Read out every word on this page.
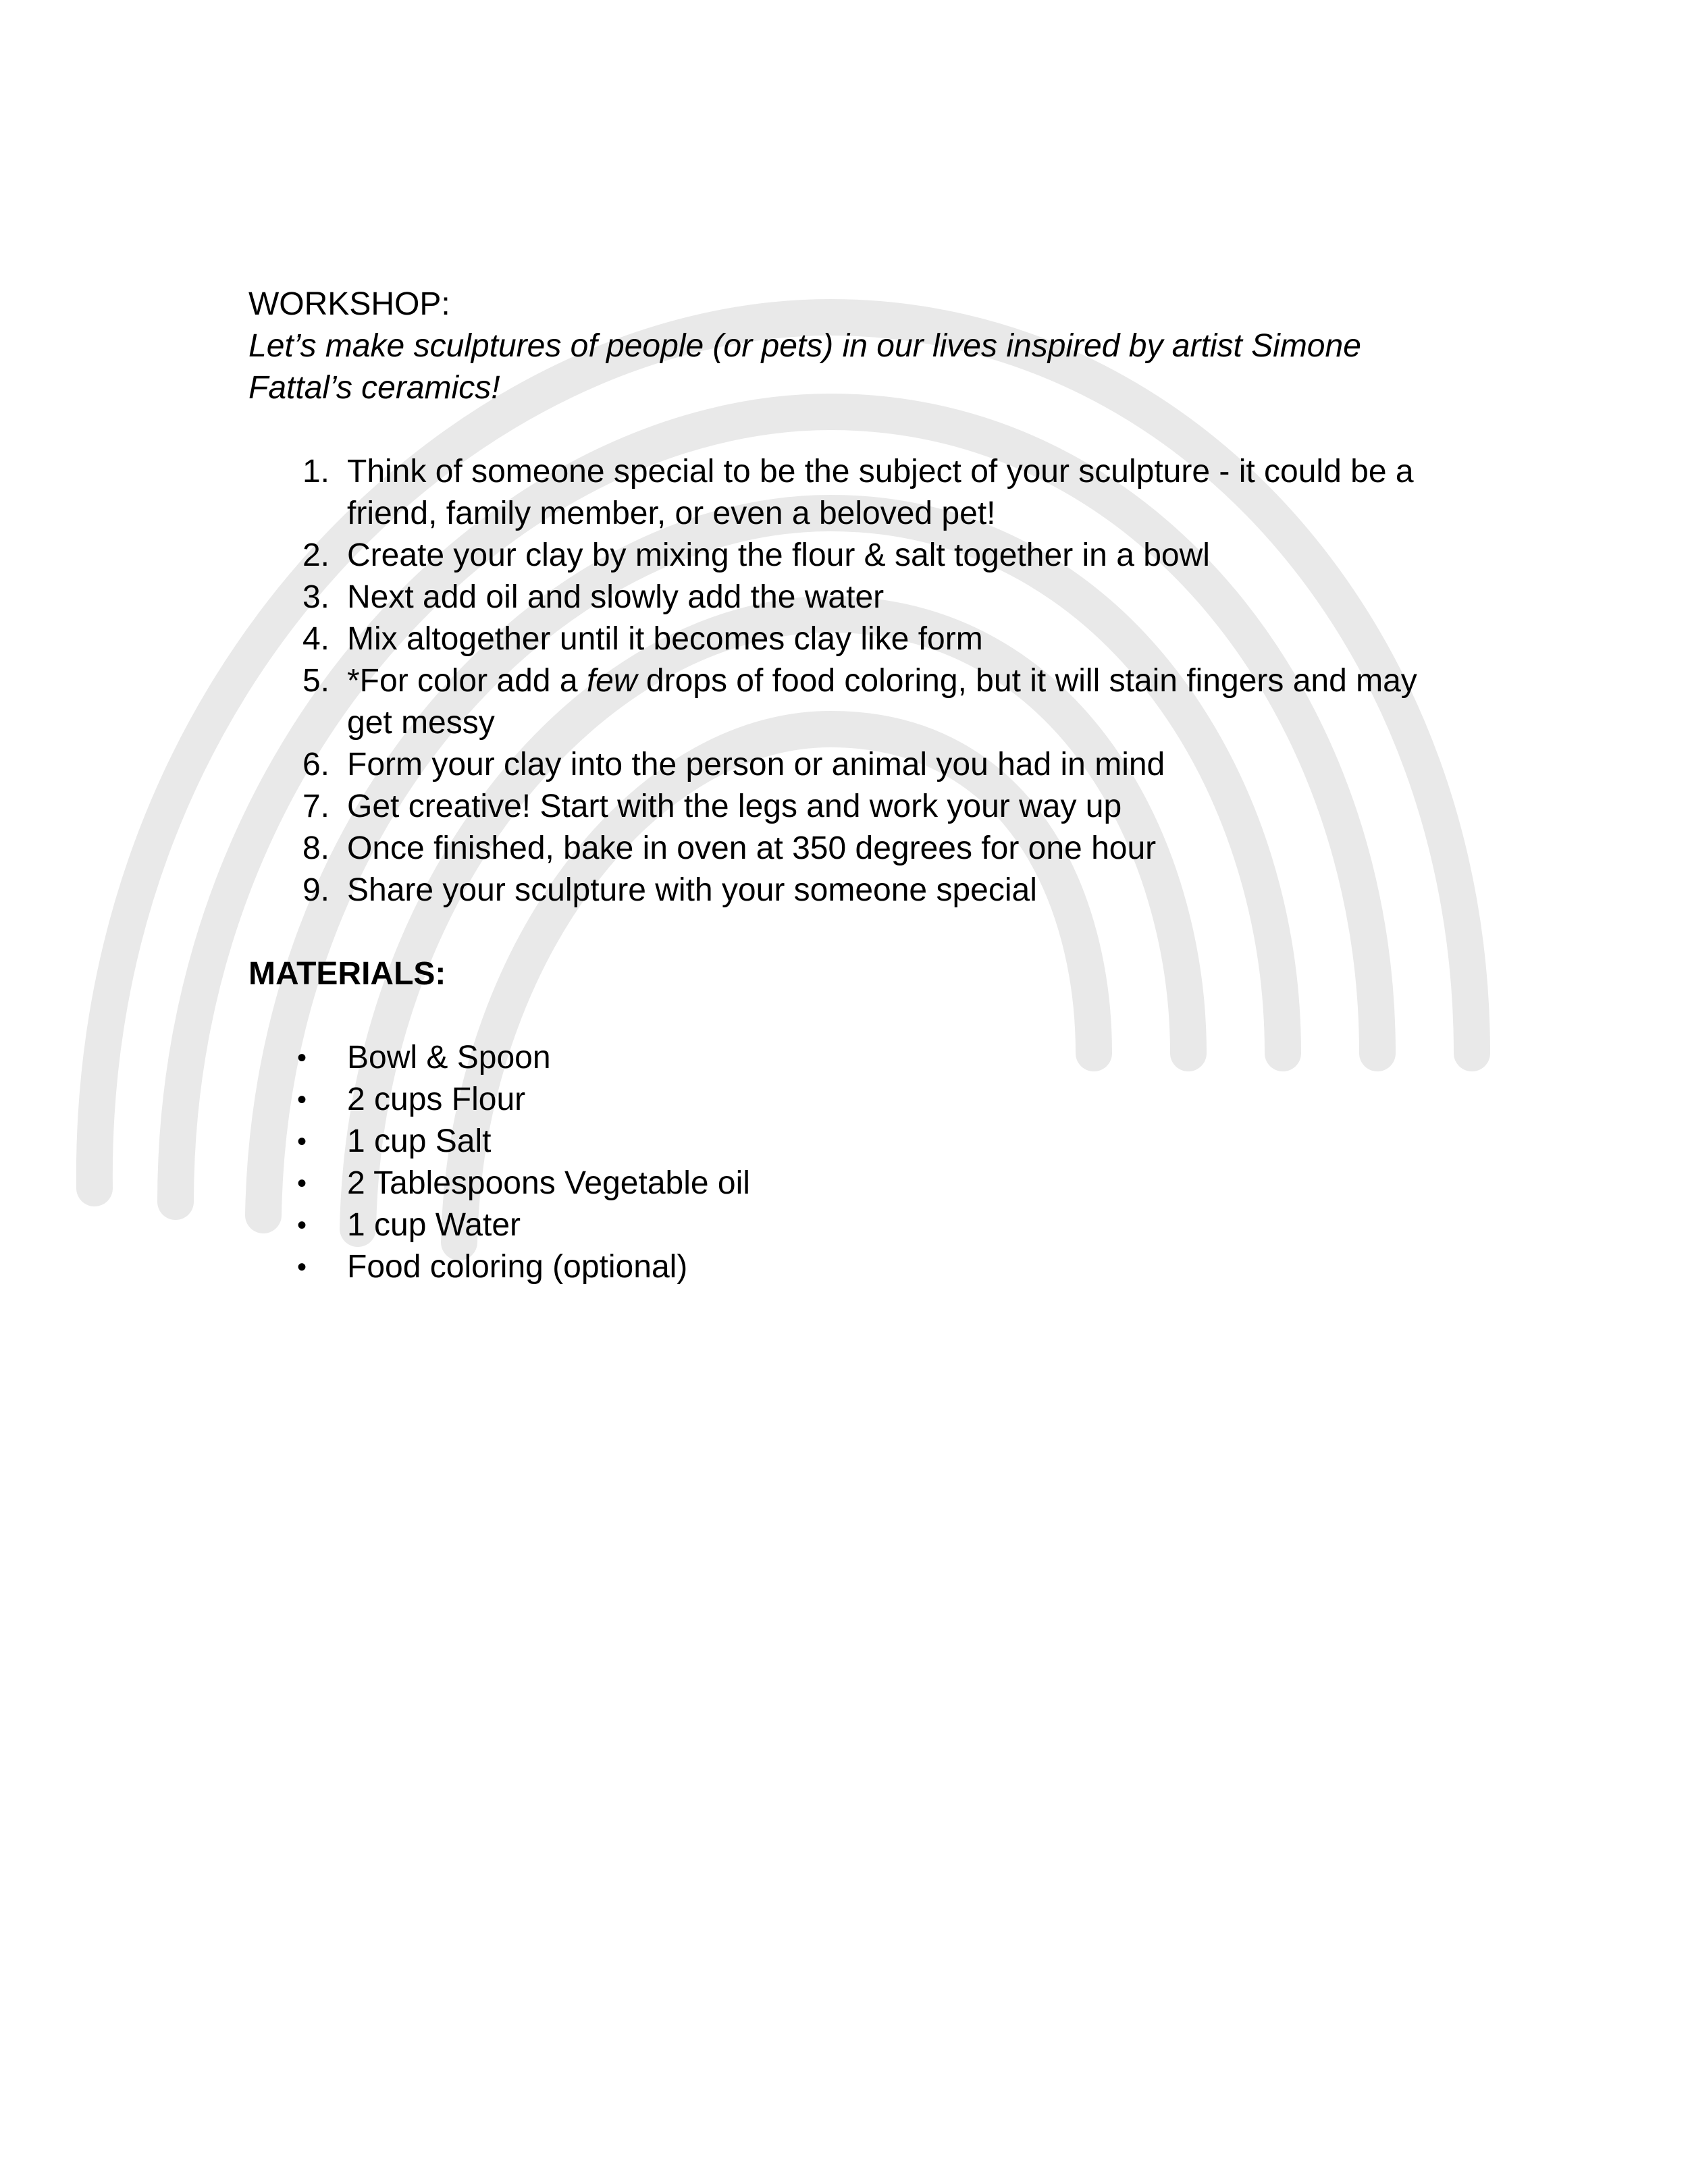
WORKSHOP:
Let’s make sculptures of people (or pets) in our lives inspired by artist Simone Fattal’s ceramics!
1. Think of someone special to be the subject of your sculpture - it could be a friend, family member, or even a beloved pet!
2. Create your clay by mixing the flour & salt together in a bowl
3. Next add oil and slowly add the water
4. Mix altogether until it becomes clay like form
5. *For color add a few drops of food coloring, but it will stain fingers and may get messy
6. Form your clay into the person or animal you had in mind
7. Get creative! Start with the legs and work your way up
8. Once finished, bake in oven at 350 degrees for one hour
9. Share your sculpture with your someone special
MATERIALS:
• Bowl & Spoon
• 2 cups Flour
• 1 cup Salt
• 2 Tablespoons Vegetable oil
• 1 cup Water
• Food coloring (optional)
